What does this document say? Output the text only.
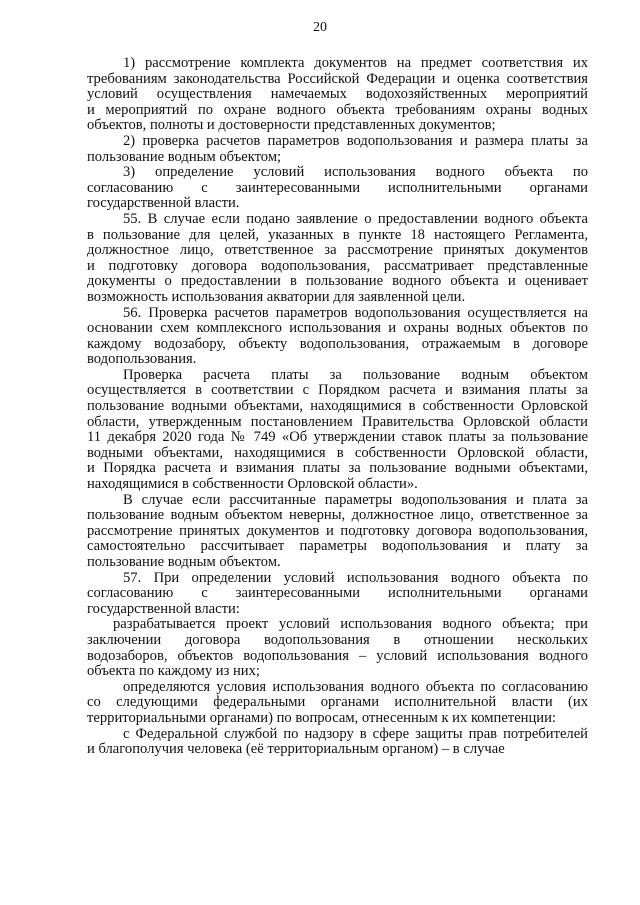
20

1) рассмотрение комплекта документов на предмет соответствия их
требованиям законодательства Российской Федерации и оценка соответствия
условий осуществления намечаемых водохозяйственных мероприятий
и мероприятий по охране водного объекта требованиям охраны водных
объектов, полноты и достоверности представленных документов;

2) проверка расчетов параметров водопользования и размера платы за
пользование водным объектом;

3) определение условий использования водного объекта по
согласованию с заинтересованными исполнительными органами
государственной власти.

55. В случае если подано заявление о предоставлении водного объекта
в пользование для целей, указанных в пункте 18 настоящего Регламента,
должностное лицо, ответственное за рассмотрение принятых документов
и подготовку договора водопользования, рассматривает представленные
документы о предоставлении в пользование водного объекта и оценивает
возможность использования акватории для заявленной цели.

56. Проверка расчетов параметров водопользования осуществляется на
основании схем комплексного использования и охраны водных объектов по
каждому водозабору, объекту водопользования, отражаемым в договоре
водопользования.

Проверка расчета платы за пользование водным объектом
осуществляется в соответствии с Порядком расчета и взимания платы за
пользование водными объектами, находящимися в собственности Орловской
области, утвержденным постановлением Правительства Орловской области
11 декабря 2020 года № 749 «Об утверждении ставок платы за пользование
водными объектами, находящимися в собственности Орловской области,
и Порядка расчета и взимания платы за пользование водными объектами,
находящимися в собственности Орловской области».

В случае если рассчитанные параметры водопользования и плата за
пользование водным объектом неверны, должностное лицо, ответственное за
рассмотрение принятых документов и подготовку договора водопользования,
самостоятельно рассчитывает параметры водопользования и плату за
пользование водным объектом.

57. При определении условий использования водного объекта по
согласованию с заинтересованными исполнительными органами
государственной власти:

разрабатывается проект условий использования водного объекта; при
заключении договора водопользования в отношении нескольких
водозаборов, объектов водопользования – условий использования водного
объекта по каждому из них;

определяются условия использования водного объекта по согласованию
со следующими федеральными органами исполнительной власти (их
территориальными органами) по вопросам, отнесенным к их компетенции:

с Федеральной службой по надзору в сфере защиты прав потребителей
и благополучия человека (её территориальным органом) – в случае
